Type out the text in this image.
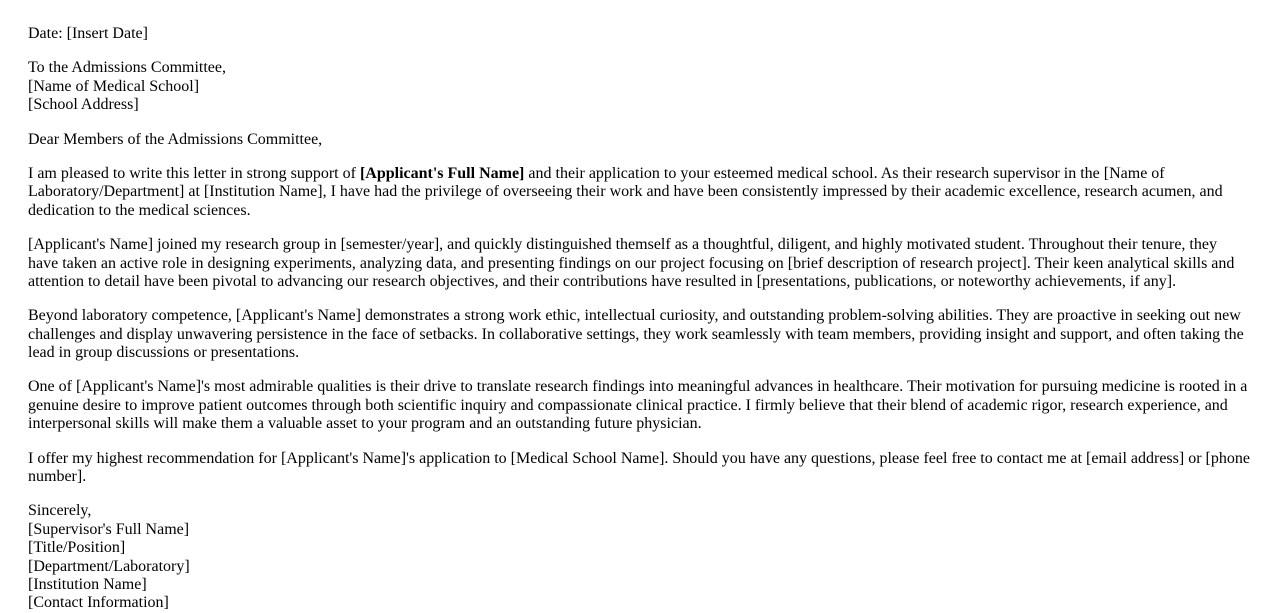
Date: [Insert Date]

To the Admissions Committee,
[Name of Medical School]
[School Address]

Dear Members of the Admissions Committee,

I am pleased to write this letter in strong support of [Applicant's Full Name] and their application to your esteemed medical school. As their research supervisor in the [Name of Laboratory/Department] at [Institution Name], I have had the privilege of overseeing their work and have been consistently impressed by their academic excellence, research acumen, and dedication to the medical sciences.

[Applicant's Name] joined my research group in [semester/year], and quickly distinguished themself as a thoughtful, diligent, and highly motivated student. Throughout their tenure, they have taken an active role in designing experiments, analyzing data, and presenting findings on our project focusing on [brief description of research project]. Their keen analytical skills and attention to detail have been pivotal to advancing our research objectives, and their contributions have resulted in [presentations, publications, or noteworthy achievements, if any].

Beyond laboratory competence, [Applicant's Name] demonstrates a strong work ethic, intellectual curiosity, and outstanding problem-solving abilities. They are proactive in seeking out new challenges and display unwavering persistence in the face of setbacks. In collaborative settings, they work seamlessly with team members, providing insight and support, and often taking the lead in group discussions or presentations.

One of [Applicant's Name]'s most admirable qualities is their drive to translate research findings into meaningful advances in healthcare. Their motivation for pursuing medicine is rooted in a genuine desire to improve patient outcomes through both scientific inquiry and compassionate clinical practice. I firmly believe that their blend of academic rigor, research experience, and interpersonal skills will make them a valuable asset to your program and an outstanding future physician.

I offer my highest recommendation for [Applicant's Name]'s application to [Medical School Name]. Should you have any questions, please feel free to contact me at [email address] or [phone number].

Sincerely,
[Supervisor's Full Name]
[Title/Position]
[Department/Laboratory]
[Institution Name]
[Contact Information]
